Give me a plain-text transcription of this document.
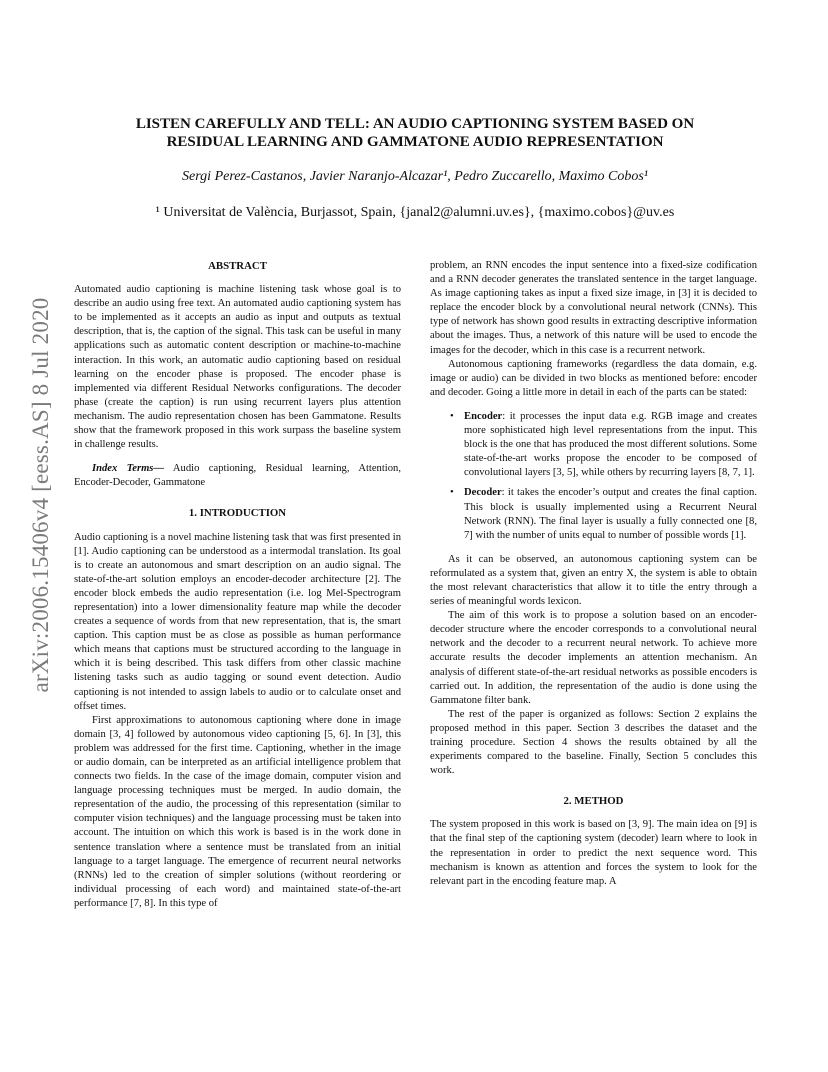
arXiv:2006.15406v4 [eess.AS] 8 Jul 2020
LISTEN CAREFULLY AND TELL: AN AUDIO CAPTIONING SYSTEM BASED ON
RESIDUAL LEARNING AND GAMMATONE AUDIO REPRESENTATION

Sergi Perez-Castanos, Javier Naranjo-Alcazar¹, Pedro Zuccarello, Maximo Cobos¹

¹ Universitat de València, Burjassot, Spain, {janal2@alumni.uv.es}, {maximo.cobos}@uv.es

ABSTRACT

Automated audio captioning is machine listening task whose goal is to describe an audio using free text. An automated audio captioning system has to be implemented as it accepts an audio as input and outputs as textual description, that is, the caption of the signal. This task can be useful in many applications such as automatic content description or machine-to-machine interaction. In this work, an automatic audio captioning based on residual learning on the encoder phase is proposed. The encoder phase is implemented via different Residual Networks configurations. The decoder phase (create the caption) is run using recurrent layers plus attention mechanism. The audio representation chosen has been Gammatone. Results show that the framework proposed in this work surpass the baseline system in challenge results.

Index Terms— Audio captioning, Residual learning, Attention, Encoder-Decoder, Gammatone

1. INTRODUCTION

Audio captioning is a novel machine listening task that was first presented in [1]. Audio captioning can be understood as a intermodal translation. Its goal is to create an autonomous and smart description on an audio signal. The state-of-the-art solution employs an encoder-decoder architecture [2]. The encoder block embeds the audio representation (i.e. log Mel-Spectrogram representation) into a lower dimensionality feature map while the decoder creates a sequence of words from that new representation, that is, the smart caption. This caption must be as close as possible as human performance which means that captions must be structured according to the language in which it is being described. This task differs from other classic machine listening tasks such as audio tagging or sound event detection. Audio captioning is not intended to assign labels to audio or to calculate onset and offset times.

First approximations to autonomous captioning where done in image domain [3, 4] followed by autonomous video captioning [5, 6]. In [3], this problem was addressed for the first time. Captioning, whether in the image or audio domain, can be interpreted as an artificial intelligence problem that connects two fields. In the case of the image domain, computer vision and language processing techniques must be merged. In audio domain, the representation of the audio, the processing of this representation (similar to computer vision techniques) and the language processing must be taken into account. The intuition on which this work is based is in the work done in sentence translation where a sentence must be translated from an initial language to a target language. The emergence of recurrent neural networks (RNNs) led to the creation of simpler solutions (without reordering or individual processing of each word) and maintained state-of-the-art performance [7, 8]. In this type of

problem, an RNN encodes the input sentence into a fixed-size codification and a RNN decoder generates the translated sentence in the target language. As image captioning takes as input a fixed size image, in [3] it is decided to replace the encoder block by a convolutional neural network (CNNs). This type of network has shown good results in extracting descriptive information about the images. Thus, a network of this nature will be used to encode the images for the decoder, which in this case is a recurrent network.

Autonomous captioning frameworks (regardless the data domain, e.g. image or audio) can be divided in two blocks as mentioned before: encoder and decoder. Going a little more in detail in each of the parts can be stated:

• Encoder: it processes the input data e.g. RGB image and creates more sophisticated high level representations from the input. This block is the one that has produced the most different solutions. Some state-of-the-art works propose the encoder to be composed of convolutional layers [3, 5], while others by recurring layers [8, 7, 1].
• Decoder: it takes the encoder’s output and creates the final caption. This block is usually implemented using a Recurrent Neural Network (RNN). The final layer is usually a fully connected one [8, 7] with the number of units equal to number of possible words [1].

As it can be observed, an autonomous captioning system can be reformulated as a system that, given an entry X, the system is able to obtain the most relevant characteristics that allow it to title the entry through a series of meaningful words lexicon.

The aim of this work is to propose a solution based on an encoder-decoder structure where the encoder corresponds to a convolutional neural network and the decoder to a recurrent neural network. To achieve more accurate results the decoder implements an attention mechanism. An analysis of different state-of-the-art residual networks as possible encoders is carried out. In addition, the representation of the audio is done using the Gammatone filter bank.

The rest of the paper is organized as follows: Section 2 explains the proposed method in this paper. Section 3 describes the dataset and the training procedure. Section 4 shows the results obtained by all the experiments compared to the baseline. Finally, Section 5 concludes this work.

2. METHOD

The system proposed in this work is based on [3, 9]. The main idea on [9] is that the final step of the captioning system (decoder) learn where to look in the representation in order to predict the next sequence word. This mechanism is known as attention and forces the system to look for the relevant part in the encoding feature map. A
